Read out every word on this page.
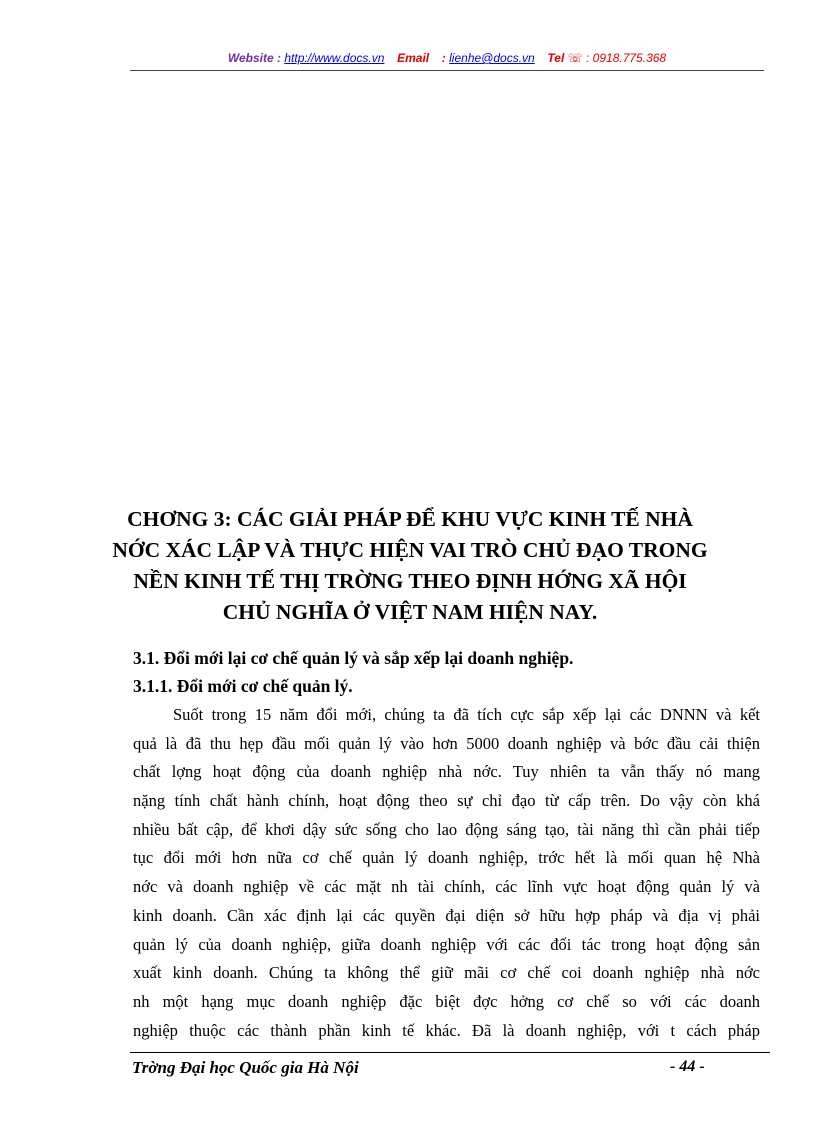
Website : http://www.docs.vn Email : lienhe@docs.vn Tel ☏ : 0918.775.368
CHƠNG 3: CÁC GIẢI PHÁP ĐỂ KHU VỰC KINH TẾ NHÀ
NỚC XÁC LẬP VÀ THỰC HIỆN VAI TRÒ CHỦ ĐẠO TRONG
NỀN KINH TẾ THỊ TRỜNG THEO ĐỊNH HỚNG XÃ HỘI
CHỦ NGHĨA Ở VIỆT NAM HIỆN NAY.
3.1. Đổi mới lại cơ chế quản lý và sắp xếp lại doanh nghiệp.
3.1.1. Đổi mới cơ chế quản lý.
Suốt trong 15 năm đổi mới, chúng ta đã tích cực sắp xếp lại các DNNN và kết
quả là đã thu hẹp đầu mối quản lý vào hơn 5000 doanh nghiệp và bớc đầu cải thiện
chất lợng hoạt động của doanh nghiệp nhà nớc. Tuy nhiên ta vẫn thấy nó mang
nặng tính chất hành chính, hoạt động theo sự chỉ đạo từ cấp trên. Do vậy còn khá
nhiều bất cập, để khơi dậy sức sống cho lao động sáng tạo, tài năng thì cần phải tiếp
tục đổi mới hơn nữa cơ chế quản lý doanh nghiệp, trớc hết là mối quan hệ Nhà
nớc và doanh nghiệp về các mặt nh tài chính, các lĩnh vực hoạt động quản lý và
kinh doanh. Cần xác định lại các quyền đại diện sở hữu hợp pháp và địa vị phải
quản lý của doanh nghiệp, giữa doanh nghiệp với các đối tác trong hoạt động sản
xuất kinh doanh. Chúng ta không thể giữ mãi cơ chế coi doanh nghiệp nhà nớc
nh một hạng mục doanh nghiệp đặc biệt đợc hởng cơ chế so với các doanh
nghiệp thuộc các thành phần kinh tế khác. Đã là doanh nghiệp, với t cách pháp
Trờng Đại học Quốc gia Hà Nội	- 44 -
